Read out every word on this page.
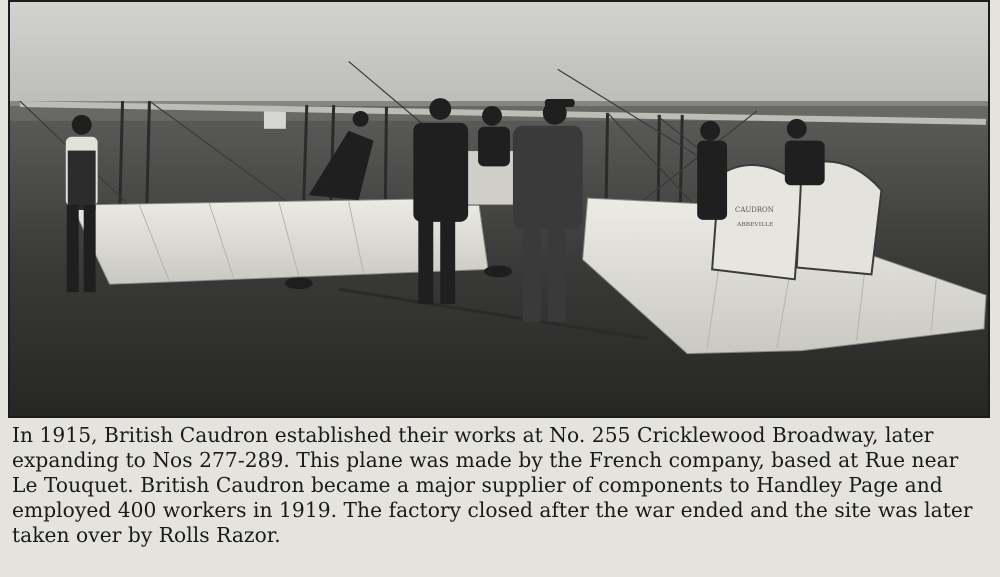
CAUDRON
ABBEVILLE

In 1915, British Caudron established their works at No. 255 Cricklewood Broadway, later
expanding to Nos 277-289. This plane was made by the French company, based at Rue near
Le Touquet. British Caudron became a major supplier of components to Handley Page and
employed 400 workers in 1919. The factory closed after the war ended and the site was later
taken over by Rolls Razor.
